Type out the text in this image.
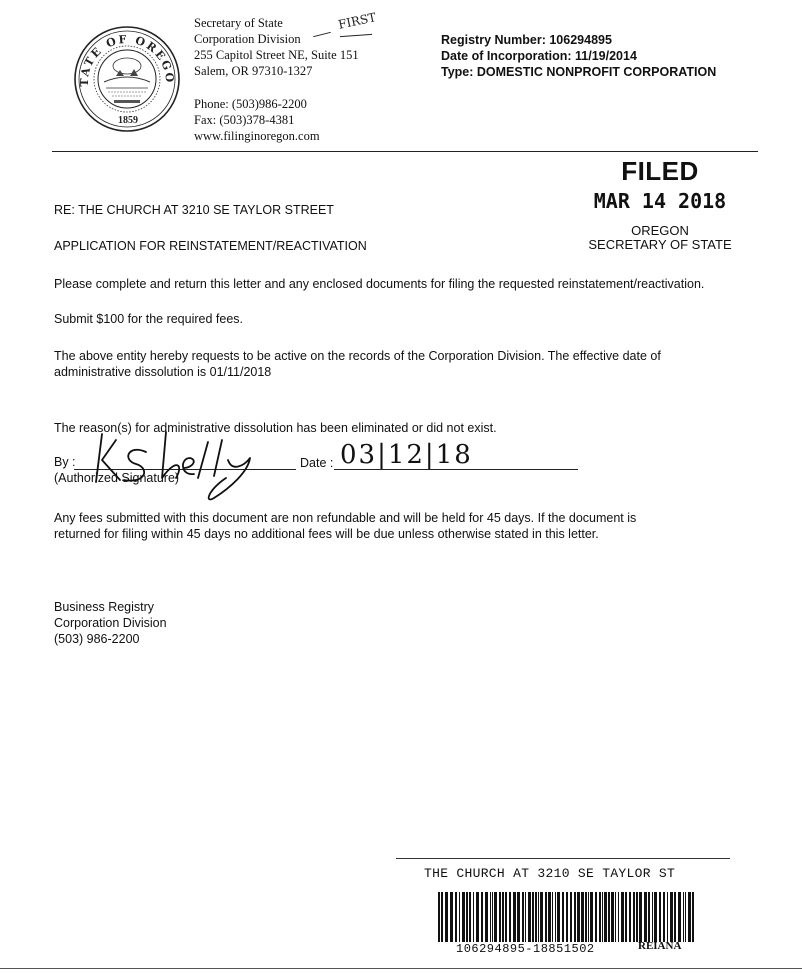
TATE OF OREGO
1859
Secretary of State
Corporation Division
255 Capitol Street NE, Suite 151
Salem, OR 97310-1327
FIRST
Phone: (503)986-2200
Fax: (503)378-4381
www.filinginoregon.com
Registry Number: 106294895
Date of Incorporation: 11/19/2014
Type: DOMESTIC NONPROFIT CORPORATION
FILED
MAR 14 2018
OREGON
SECRETARY OF STATE
RE: THE CHURCH AT 3210 SE TAYLOR STREET
APPLICATION FOR REINSTATEMENT/REACTIVATION
Please complete and return this letter and any enclosed documents for filing the requested reinstatement/reactivation.
Submit $100 for the required fees.
The above entity hereby requests to be active on the records of the Corporation Division. The effective date of
administrative dissolution is 01/11/2018
The reason(s) for administrative dissolution has been eliminated or did not exist.
By :
(Authorized Signature)
Date : 03|12|18
Any fees submitted with this document are non refundable and will be held for 45 days. If the document is
returned for filing within 45 days no additional fees will be due unless otherwise stated in this letter.
Business Registry
Corporation Division
(503) 986-2200
THE CHURCH AT 3210 SE TAYLOR ST
106294895-18851502	REIANA
